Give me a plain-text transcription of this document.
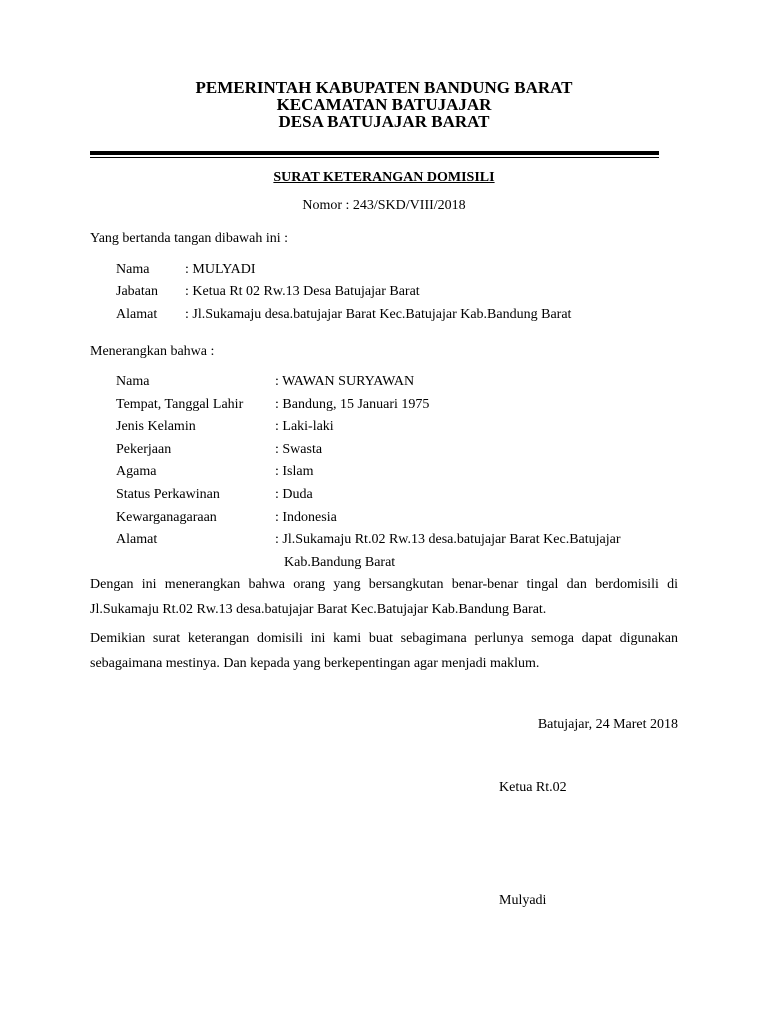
PEMERINTAH KABUPATEN BANDUNG BARAT
KECAMATAN BATUJAJAR
DESA BATUJAJAR BARAT
SURAT KETERANGAN DOMISILI
Nomor : 243/SKD/VIII/2018
Yang bertanda tangan dibawah ini :
Nama	: MULYADI
Jabatan : Ketua Rt 02 Rw.13 Desa Batujajar Barat
Alamat : Jl.Sukamaju desa.batujajar Barat Kec.Batujajar Kab.Bandung Barat
Menerangkan bahwa :
Nama	: WAWAN SURYAWAN
Tempat, Tanggal Lahir : Bandung, 15 Januari 1975
Jenis Kelamin	: Laki-laki
Pekerjaan	: Swasta
Agama	: Islam
Status Perkawinan	: Duda
Kewarganagaraan	: Indonesia
Alamat	: Jl.Sukamaju Rt.02 Rw.13 desa.batujajar Barat Kec.Batujajar
Kab.Bandung Barat
Dengan ini menerangkan bahwa orang yang bersangkutan benar-benar tingal dan berdomisili di
Jl.Sukamaju Rt.02 Rw.13 desa.batujajar Barat Kec.Batujajar Kab.Bandung Barat.
Demikian surat keterangan domisili ini kami buat sebagimana perlunya semoga dapat digunakan
sebagaimana mestinya. Dan kepada yang berkepentingan agar menjadi maklum.
Batujajar, 24 Maret 2018
Ketua Rt.02
Mulyadi
